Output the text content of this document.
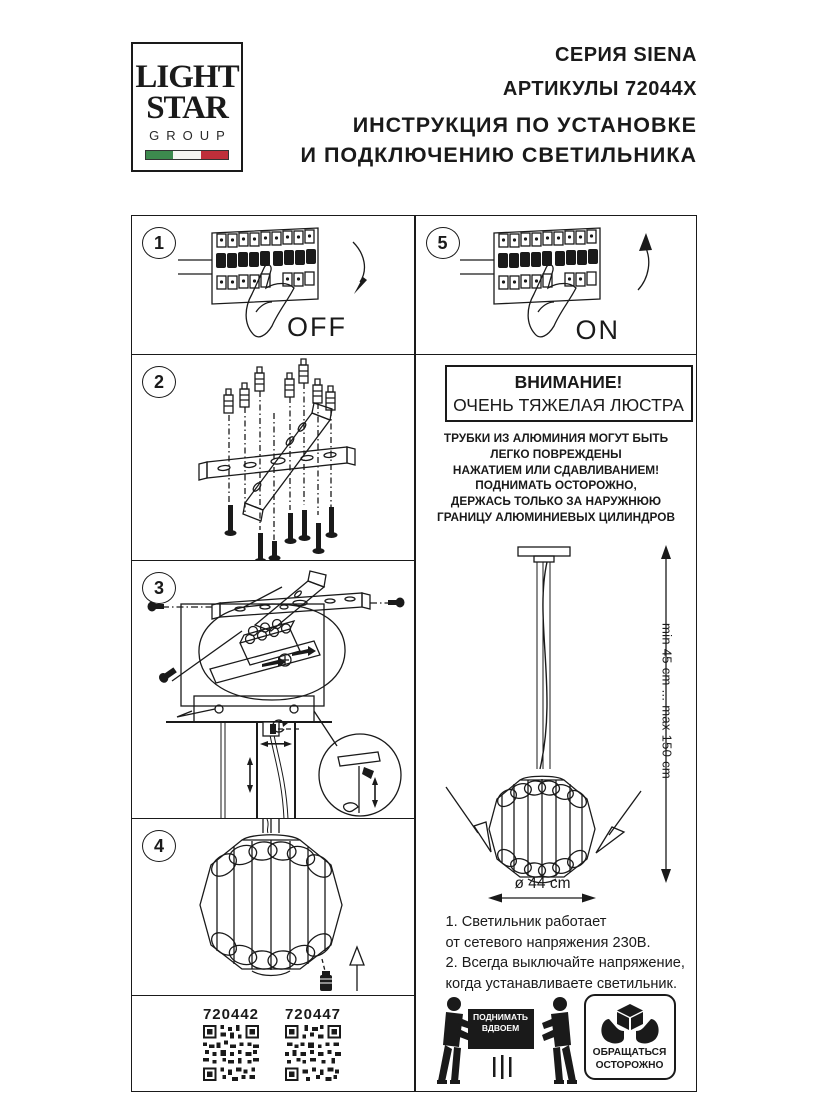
LIGHT
STAR
GROUP
СЕРИЯ SIENA
АРТИКУЛЫ 72044X
ИНСТРУКЦИЯ ПО УСТАНОВКЕ
И ПОДКЛЮЧЕНИЮ СВЕТИЛЬНИКА
1
OFF
5
ON
2
3
4
720442	720447
ВНИМАНИЕ!
ОЧЕНЬ ТЯЖЕЛАЯ ЛЮСТРА
ТРУБКИ ИЗ АЛЮМИНИЯ МОГУТ БЫТЬ
ЛЕГКО ПОВРЕЖДЕНЫ
НАЖАТИЕМ ИЛИ СДАВЛИВАНИЕМ!
ПОДНИМАТЬ ОСТОРОЖНО,
ДЕРЖАСЬ ТОЛЬКО ЗА НАРУЖНЮЮ
ГРАНИЦУ АЛЮМИНИЕВЫХ ЦИЛИНДРОВ
min 45 cm ... max 150 cm
ø 44 cm
1. Светильник работает
от сетевого напряжения 230В.
2. Всегда выключайте напряжение,
когда устанавливаете светильник.
ПОДНИМАТЬ
ВДВОЕМ
ОБРАЩАТЬСЯ
ОСТОРОЖНО
